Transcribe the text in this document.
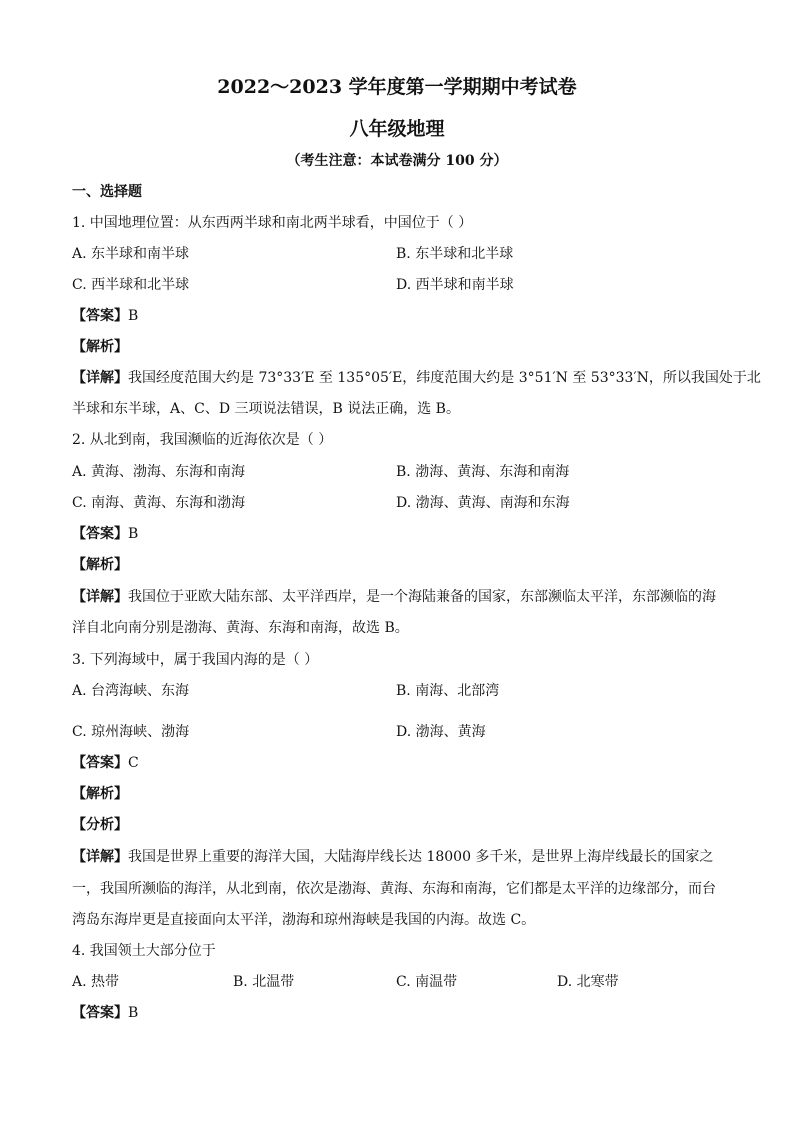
2022～2023 学年度第一学期期中考试卷
八年级地理
（考生注意：本试卷满分 100 分）
一、选择题
1. 中国地理位置：从东西两半球和南北两半球看，中国位于（ ）
A. 东半球和南半球	B. 东半球和北半球
C. 西半球和北半球	D. 西半球和南半球
【答案】B
【解析】
【详解】我国经度范围大约是 73°33′E 至 135°05′E，纬度范围大约是 3°51′N 至 53°33′N，所以我国处于北
半球和东半球，A、C、D 三项说法错误，B 说法正确，选 B。
2. 从北到南，我国濒临的近海依次是（ ）
A. 黄海、渤海、东海和南海	B. 渤海、黄海、东海和南海
C. 南海、黄海、东海和渤海	D. 渤海、黄海、南海和东海
【答案】B
【解析】
【详解】我国位于亚欧大陆东部、太平洋西岸，是一个海陆兼备的国家，东部濒临太平洋，东部濒临的海
洋自北向南分别是渤海、黄海、东海和南海，故选 B。
3. 下列海域中，属于我国内海的是（ ）
A. 台湾海峡、东海	B. 南海、北部湾
C. 琼州海峡、渤海	D. 渤海、黄海
【答案】C
【解析】
【分析】
【详解】我国是世界上重要的海洋大国，大陆海岸线长达 18000 多千米，是世界上海岸线最长的国家之
一，我国所濒临的海洋，从北到南，依次是渤海、黄海、东海和南海，它们都是太平洋的边缘部分，而台
湾岛东海岸更是直接面向太平洋，渤海和琼州海峡是我国的内海。故选 C。
4. 我国领土大部分位于
A. 热带	B. 北温带	C. 南温带	D. 北寒带
【答案】B
